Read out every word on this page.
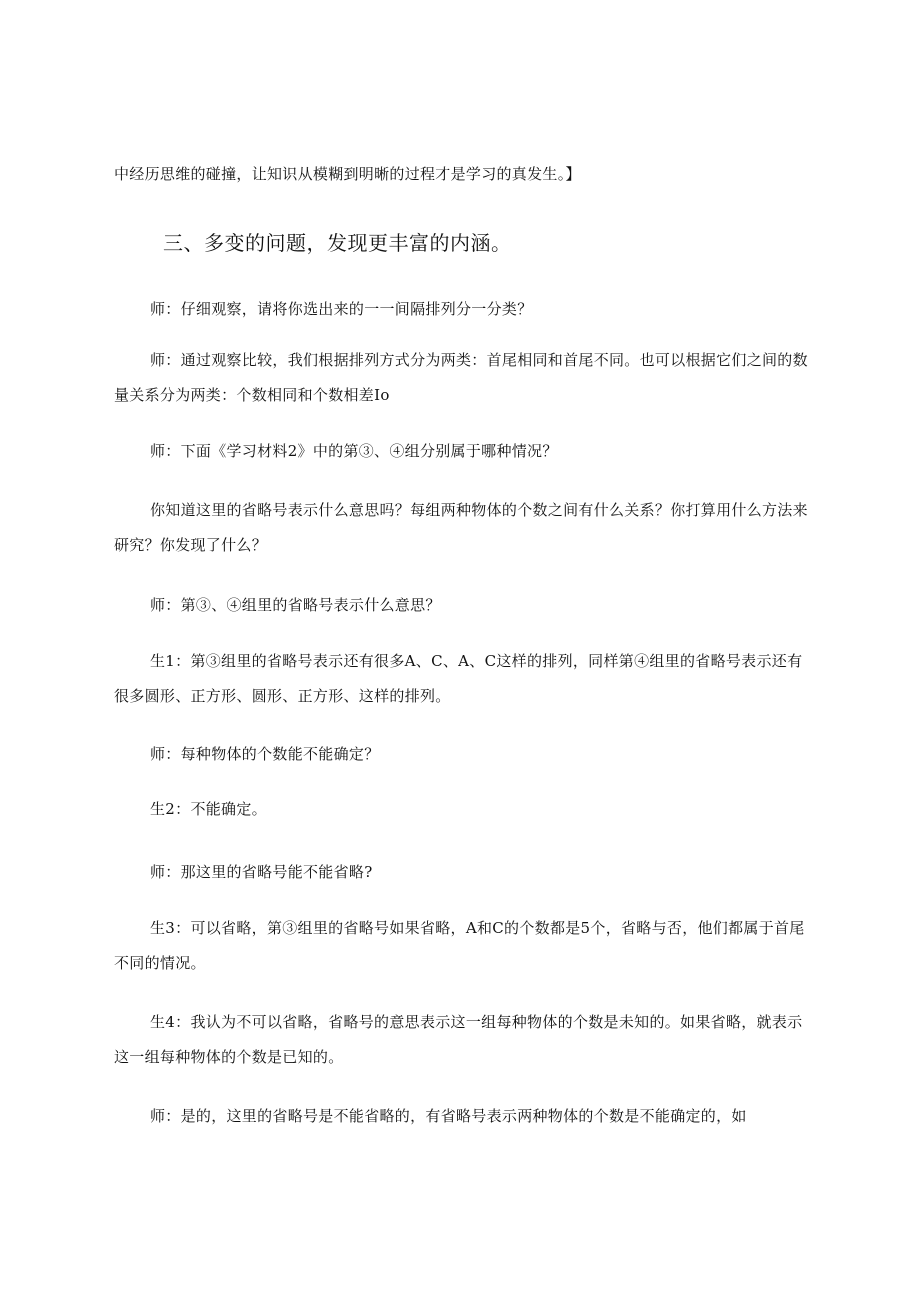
中经历思维的碰撞，让知识从模糊到明晰的过程才是学习的真发生。】

三、多变的问题，发现更丰富的内涵。

师：仔细观察，请将你选出来的一一间隔排列分一分类？

师：通过观察比较，我们根据排列方式分为两类：首尾相同和首尾不同。也可以根据它们之间的数量关系分为两类：个数相同和个数相差Io

师：下面《学习材料2》中的第③、④组分别属于哪种情况？

你知道这里的省略号表示什么意思吗？每组两种物体的个数之间有什么关系？你打算用什么方法来研究？你发现了什么？

师：第③、④组里的省略号表示什么意思？

生1：第③组里的省略号表示还有很多A、C、A、C这样的排列，同样第④组里的省略号表示还有很多圆形、正方形、圆形、正方形、这样的排列。

师：每种物体的个数能不能确定？

生2：不能确定。

师：那这里的省略号能不能省略?

生3：可以省略，第③组里的省略号如果省略，A和C的个数都是5个，省略与否，他们都属于首尾不同的情况。

生4：我认为不可以省略，省略号的意思表示这一组每种物体的个数是未知的。如果省略，就表示这一组每种物体的个数是已知的。

师：是的，这里的省略号是不能省略的，有省略号表示两种物体的个数是不能确定的，如
